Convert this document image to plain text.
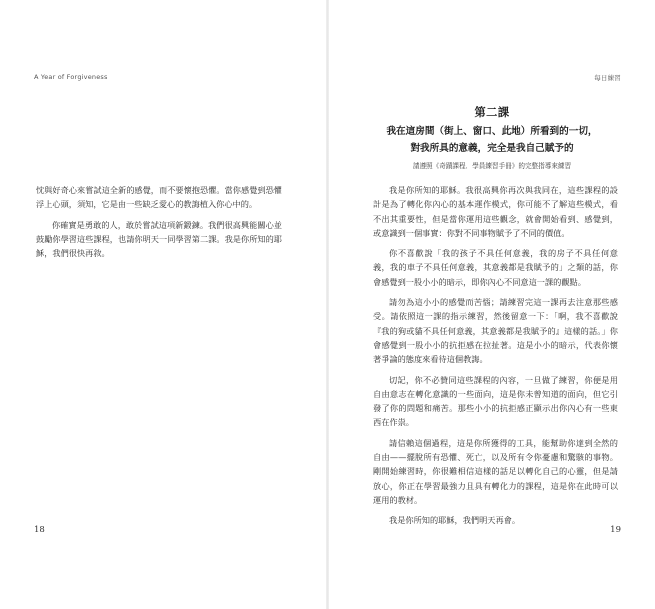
A Year of Forgiveness

忱與好奇心來嘗試這全新的感覺，而不要懷抱恐懼。當你感覺到恐懼浮上心頭，須知，它是由一些缺乏愛心的教誨植入你心中的。

你確實是勇敢的人，敢於嘗試這項新鍛鍊。我們很高興能關心並鼓勵你學習這些課程，也請你明天一同學習第二課。我是你所知的耶穌，我們很快再敘。

18
每日練習
第二課
我在這房間（街上、窗口、此地）所看到的一切，
對我所具的意義，完全是我自己賦予的
請遵照《奇蹟課程．學員練習手冊》的完整指導來練習

我是你所知的耶穌。我很高興你再次與我同在，這些課程的設計是為了轉化你內心的基本運作模式，你可能不了解這些模式，看不出其重要性，但是當你運用這些觀念，就會開始看到、感覺到，或意識到一個事實：你對不同事物賦予了不同的價值。

你不喜歡說「我的孩子不具任何意義，我的房子不具任何意義，我的車子不具任何意義，其意義都是我賦予的」之類的話，你會感覺到一股小小的暗示，即你內心不同意這一課的觀點。

請勿為這小小的感覺而苦惱；請練習完這一課再去注意那些感受。請依照這一課的指示練習，然後留意一下：「啊，我不喜歡說『我的狗或貓不具任何意義，其意義都是我賦予的』這樣的話。」你會感覺到一股小小的抗拒感在拉扯著。這是小小的暗示，代表你懷著爭論的態度來看待這個教誨。

切記，你不必贊同這些課程的內容，一旦做了練習，你便是用自由意志在轉化意識的一些面向，這是你未曾知道的面向，但它引發了你的問題和痛苦。那些小小的抗拒感正顯示出你內心有一些東西在作祟。

請信賴這個過程，這是你所獲得的工具，能幫助你達到全然的自由——擺脫所有恐懼、死亡，以及所有令你憂慮和驚駭的事物。剛開始練習時，你很難相信這樣的話足以轉化自己的心靈，但是請放心，你正在學習最強力且具有轉化力的課程，這是你在此時可以運用的教材。

我是你所知的耶穌，我們明天再會。

19
